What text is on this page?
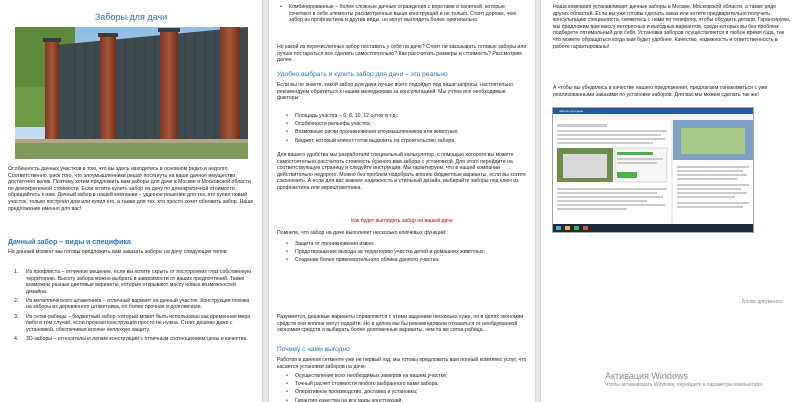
Заборы для дачи
Особенность дачных участков в том, что вы здесь находитесь в основном редко и недолго. Соответственно, риск того, что злоумышленники решат посягнуть на ваше дачное имущество, достаточно велик. Поэтому хотим предложить вам заборы для дачи в Москве и Московской области по демократичной стоимости. Если хотите купить забор на дачу по демократичной стоимости, обращайтесь к нам. Дачный забор в нашей компании – удачное решение для тех, кто купил новый участок, только построил дом или купил его, а также для тех, кто просто хочет обновить забор. Наше предложение именно для вас!
Дачный забор – виды и специфика
На данный момент мы готовы предложить вам заказать заборы на дачу следующих типов:
1. Из профлиста – отличное решение, если вы хотите скрыть от посторонних глаз собственную территорию. Высоту забора можно выбрать в зависимости от ваших предпочтений. Также возможны разные цветовые варианты, которые открывают массу новых возможностей дизайна.
2. Из металлического штакетника – отличный вариант на дачный участок. Конструкция похожа на заборы из деревянного штакетника, но более прочная и долговечная.
3. Из сетки-рабицы – бюджетный забор, который может быть использован как временная мера либо в том случае, если прочная конструкция просто не нужна. Стоит дешево даже с установкой, обеспечивая вполне неплохую защиту.
4. 3D-заборы – относительно легкие конструкции с отличным соотношением цены и качества.
• Комбинированные – более сложные дачные ограждения с воротами и калиткой, которые сочетают в себе элементы рассмотренных выше конструкций и не только. Стоит дороже, чем забор из профнастила и другие виды, но могут выглядеть более оригинально.
Но какой из перечисленных забор поставить у себя на даче? Стоит ли заказывать готовые заборы или лучше постараться все сделать самостоятельно? Как рассчитать размеры и стоимость? Рассмотрим далее.
Удобно выбрать и купить забор для дачи – это реально
Если вы не знаете, какой забор для дачи лучше всего подойдет под ваши запросы, настоятельно рекомендуем обратиться к нашим менеджерам за консультацией. Мы учтем все необходимые факторы:
• Площадь участка – 6, 8, 10, 12 соток и т.д.;
• Особенности рельефа участка;
• Возможные риски проникновения злоумышленников или животных;
• Бюджет, который клиент готов выделить на строительство забора.
Для вашего удобства мы разработали специальный калькулятор, с помощью которого вы можете самостоятельно рассчитать стоимость нужного вам забора с установкой. Для этого перейдите на соответствующую страницу и следуйте инструкции. Мы гарантируем, что в нашей компании действительно недорого. Можно без проблем подобрать вполне бюджетные варианты, если вы хотите сэкономить. А если для вас важнее надежность и стильный дизайн, выбирайте заборы под ключ из профнастила или еврештакетника.
Как будет выглядеть забор на вашей даче
Помните, что забор на даче выполняет несколько ключевых функций:
• Защита от проникновения извне;
• Предотвращение выхода за территорию участка детей и домашних животных;
• Создание более привлекательного облика данного участка.
Разумеется, дешевые варианты справляются с этими задачами несколько хуже, но в целях экономии средств они вполне могут подойти. Но в целом мы бы рекомендовали отказаться от необдуманной экономии средств и выбирать более долговечные варианты, чем та же сетка-рабица.
Почему с нами выгодно
Работая в данном сегменте уже не первый год, мы готовы предложить вам полный комплекс услуг, что касается установки заборов на даче:
• Осуществление всех необходимых замеров на вашем участке;
• Точный расчет стоимости любого выбранного вами забора;
• Оперативное производство, доставка и установка;
• Гарантия качества на все виды конструкций.
Наша компания устанавливает дачные заборы в Москве, Московской области, а также ряде других областей. Если вы уже готовы сделать заказ или хотите предварительно получить консультацию специалиста, свяжитесь с нами по телефону, чтобы обсудить детали. Гарантируем, мы предложим вам массу интересных и выгодных вариантов, среди которых вы без проблем подберете оптимальный для себя. Установка заборов осуществляется в любое время года, так что можете обращаться когда вам будет удобнее. Качество, надежность и ответственность в работе гарантированы!
А чтобы вы убедились в качестве нашего предложения, предлагаем ознакомиться с уже реализованными заказами по установке заборов. Для вас мы можем сделать так же!
Заборы для дачи
Блоки документа
Активация Windows
Чтобы активировать Windows, перейдите в параметры компьютера.
